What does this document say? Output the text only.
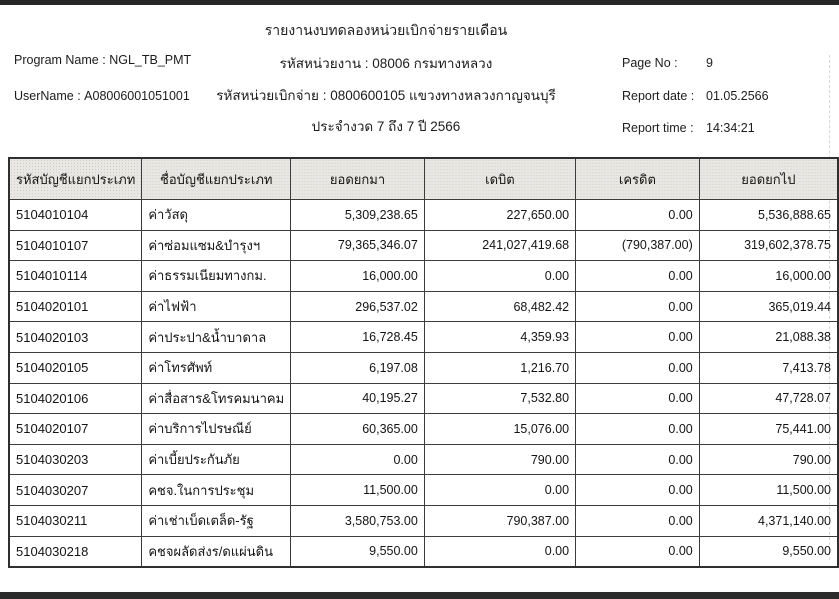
รายงานงบทดลองหน่วยเบิกจ่ายรายเดือน
Program Name : NGL_TB_PMT
UserName : A08006001051001
รหัสหน่วยงาน : 08006 กรมทางหลวง
รหัสหน่วยเบิกจ่าย : 0800600105 แขวงทางหลวงกาญจนบุรี
ประจำงวด 7 ถึง 7 ปี 2566
Page No :	9
Report date : 01.05.2566
Report time : 14:34:21
รหัสบัญชีแยกประเภท	ชื่อบัญชีแยกประเภท	ยอดยกมา	เดบิต	เครดิต	ยอดยกไป
5104010104	ค่าวัสดุ	5,309,238.65	227,650.00	0.00	5,536,888.65
5104010107	ค่าซ่อมแซม&บำรุงฯ	79,365,346.07	241,027,419.68	(790,387.00)	319,602,378.75
5104010114	ค่าธรรมเนียมทางกม.	16,000.00	0.00	0.00	16,000.00
5104020101	ค่าไฟฟ้า	296,537.02	68,482.42	0.00	365,019.44
5104020103	ค่าประปา&น้ำบาดาล	16,728.45	4,359.93	0.00	21,088.38
5104020105	ค่าโทรศัพท์	6,197.08	1,216.70	0.00	7,413.78
5104020106	ค่าสื่อสาร&โทรคมนาคม	40,195.27	7,532.80	0.00	47,728.07
5104020107	ค่าบริการไปรษณีย์	60,365.00	15,076.00	0.00	75,441.00
5104030203	ค่าเบี้ยประกันภัย	0.00	790.00	0.00	790.00
5104030207	คชจ.ในการประชุม	11,500.00	0.00	0.00	11,500.00
5104030211	ค่าเช่าเบ็ดเตล็ด-รัฐ	3,580,753.00	790,387.00	0.00	4,371,140.00
5104030218	คชจผลัดส่งร/ดแผ่นดิน	9,550.00	0.00	0.00	9,550.00
